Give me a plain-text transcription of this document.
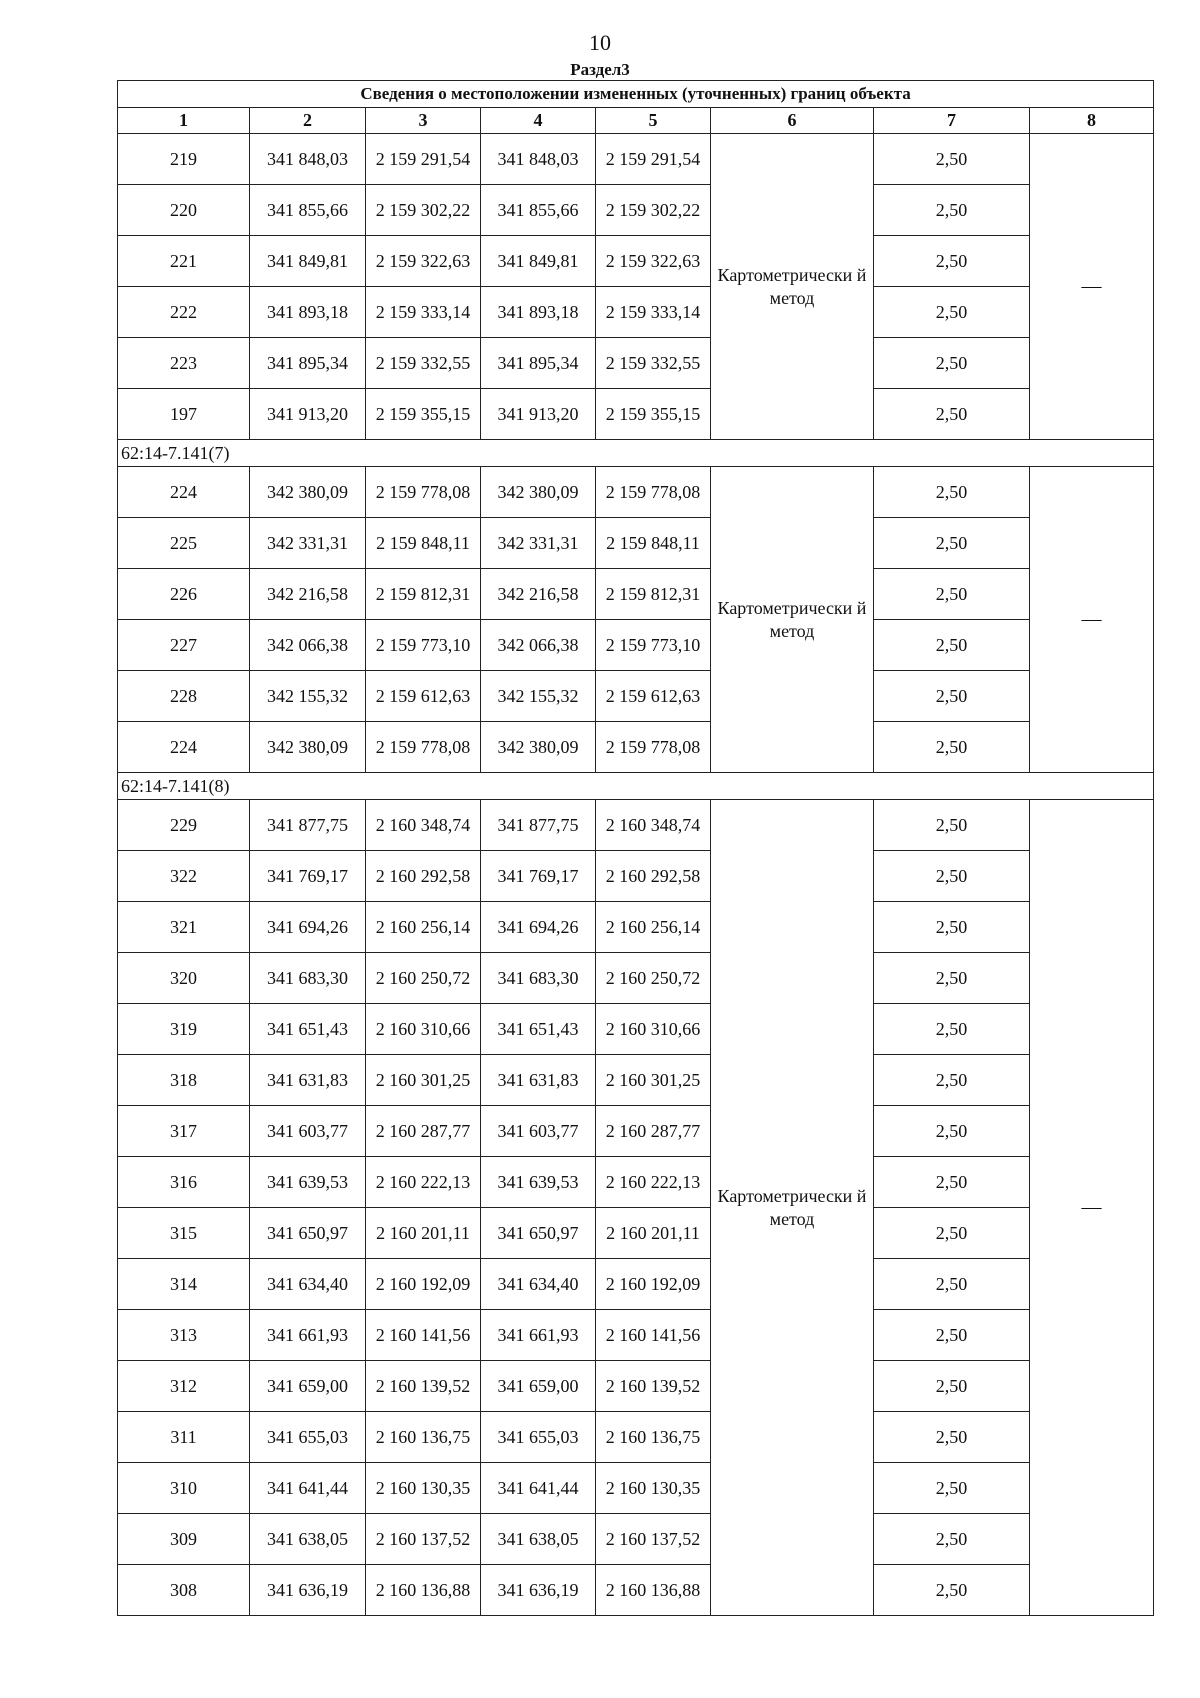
10
Раздел3
Сведения о местоположении измененных (уточненных) границ объекта							
1	2	3	4	5	6	7	8
219	341 848,03	2 159 291,54	341 848,03	2 159 291,54	Картометрически й метод	2,50	—
220	341 855,66	2 159 302,22	341 855,66	2 159 302,22		2,50	
221	341 849,81	2 159 322,63	341 849,81	2 159 322,63		2,50	
222	341 893,18	2 159 333,14	341 893,18	2 159 333,14		2,50	
223	341 895,34	2 159 332,55	341 895,34	2 159 332,55		2,50	
197	341 913,20	2 159 355,15	341 913,20	2 159 355,15		2,50	
62:14-7.141(7)							
224	342 380,09	2 159 778,08	342 380,09	2 159 778,08	Картометрически й метод	2,50	—
225	342 331,31	2 159 848,11	342 331,31	2 159 848,11		2,50	
226	342 216,58	2 159 812,31	342 216,58	2 159 812,31		2,50	
227	342 066,38	2 159 773,10	342 066,38	2 159 773,10		2,50	
228	342 155,32	2 159 612,63	342 155,32	2 159 612,63		2,50	
224	342 380,09	2 159 778,08	342 380,09	2 159 778,08		2,50	
62:14-7.141(8)							
229	341 877,75	2 160 348,74	341 877,75	2 160 348,74	Картометрически й метод	2,50	—
322	341 769,17	2 160 292,58	341 769,17	2 160 292,58		2,50	
321	341 694,26	2 160 256,14	341 694,26	2 160 256,14		2,50	
320	341 683,30	2 160 250,72	341 683,30	2 160 250,72		2,50	
319	341 651,43	2 160 310,66	341 651,43	2 160 310,66		2,50	
318	341 631,83	2 160 301,25	341 631,83	2 160 301,25		2,50	
317	341 603,77	2 160 287,77	341 603,77	2 160 287,77		2,50	
316	341 639,53	2 160 222,13	341 639,53	2 160 222,13		2,50	
315	341 650,97	2 160 201,11	341 650,97	2 160 201,11		2,50	
314	341 634,40	2 160 192,09	341 634,40	2 160 192,09		2,50	
313	341 661,93	2 160 141,56	341 661,93	2 160 141,56		2,50	
312	341 659,00	2 160 139,52	341 659,00	2 160 139,52		2,50	
311	341 655,03	2 160 136,75	341 655,03	2 160 136,75		2,50	
310	341 641,44	2 160 130,35	341 641,44	2 160 130,35		2,50	
309	341 638,05	2 160 137,52	341 638,05	2 160 137,52		2,50	
308	341 636,19	2 160 136,88	341 636,19	2 160 136,88		2,50	
